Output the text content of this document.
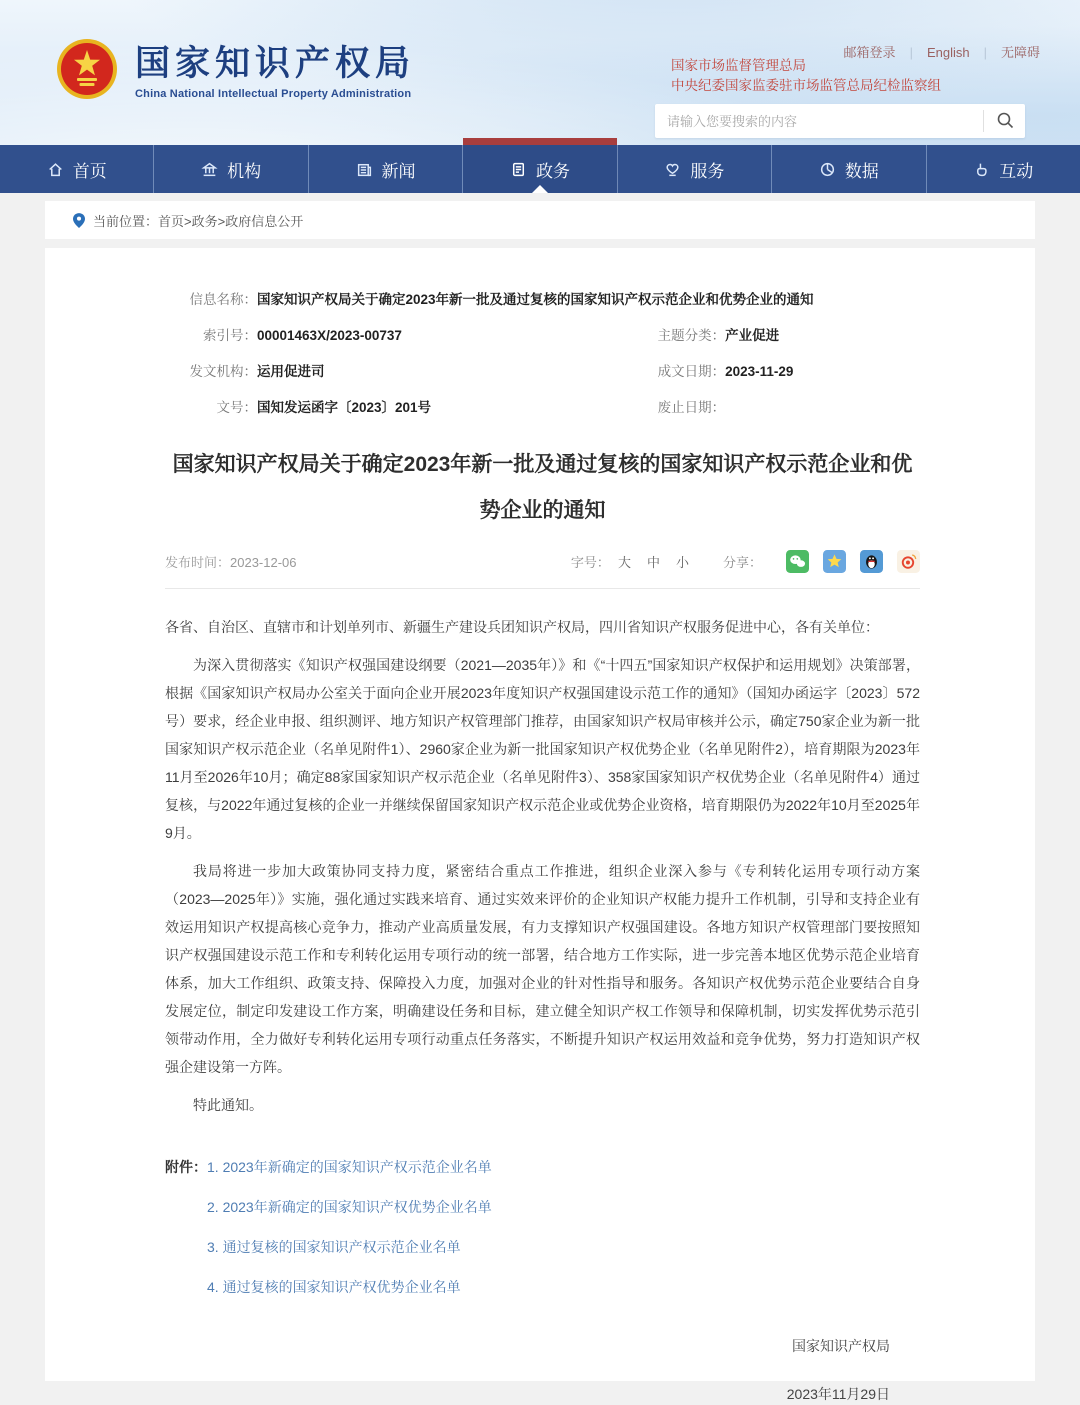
国家知识产权局
China National Intellectual Property Administration
邮箱登录 | English | 无障碍
国家市场监督管理总局
中央纪委国家监委驻市场监管总局纪检监察组
请输入您要搜索的内容
首页	机构	新闻	政务	服务	数据	互动
当前位置： 首页>政务>政府信息公开
信息名称： 国家知识产权局关于确定2023年新一批及通过复核的国家知识产权示范企业和优势企业的通知
索引号： 00001463X/2023-00737	主题分类： 产业促进
发文机构： 运用促进司	成文日期： 2023-11-29
文号： 国知发运函字〔2023〕201号	废止日期：
国家知识产权局关于确定2023年新一批及通过复核的国家知识产权示范企业和优势企业的通知
发布时间：2023-12-06	字号： 大 中 小	分享：

各省、自治区、直辖市和计划单列市、新疆生产建设兵团知识产权局，四川省知识产权服务促进中心，各有关单位：

为深入贯彻落实《知识产权强国建设纲要（2021—2035年）》和《“十四五”国家知识产权保护和运用规划》决策部署，根据《国家知识产权局办公室关于面向企业开展2023年度知识产权强国建设示范工作的通知》（国知办函运字〔2023〕572号）要求，经企业申报、组织测评、地方知识产权管理部门推荐，由国家知识产权局审核并公示，确定750家企业为新一批国家知识产权示范企业（名单见附件1）、2960家企业为新一批国家知识产权优势企业（名单见附件2），培育期限为2023年11月至2026年10月；确定88家国家知识产权示范企业（名单见附件3）、358家国家知识产权优势企业（名单见附件4）通过复核，与2022年通过复核的企业一并继续保留国家知识产权示范企业或优势企业资格，培育期限仍为2022年10月至2025年9月。

我局将进一步加大政策协同支持力度，紧密结合重点工作推进，组织企业深入参与《专利转化运用专项行动方案（2023—2025年）》实施，强化通过实践来培育、通过实效来评价的企业知识产权能力提升工作机制，引导和支持企业有效运用知识产权提高核心竞争力，推动产业高质量发展，有力支撑知识产权强国建设。各地方知识产权管理部门要按照知识产权强国建设示范工作和专利转化运用专项行动的统一部署，结合地方工作实际，进一步完善本地区优势示范企业培育体系，加大工作组织、政策支持、保障投入力度，加强对企业的针对性指导和服务。各知识产权优势示范企业要结合自身发展定位，制定印发建设工作方案，明确建设任务和目标，建立健全知识产权工作领导和保障机制，切实发挥优势示范引领带动作用，全力做好专利转化运用专项行动重点任务落实，不断提升知识产权运用效益和竞争优势，努力打造知识产权强企建设第一方阵。

特此通知。

附件： 1. 2023年新确定的国家知识产权示范企业名单
2. 2023年新确定的国家知识产权优势企业名单
3. 通过复核的国家知识产权示范企业名单
4. 通过复核的国家知识产权优势企业名单
国家知识产权局
2023年11月29日
